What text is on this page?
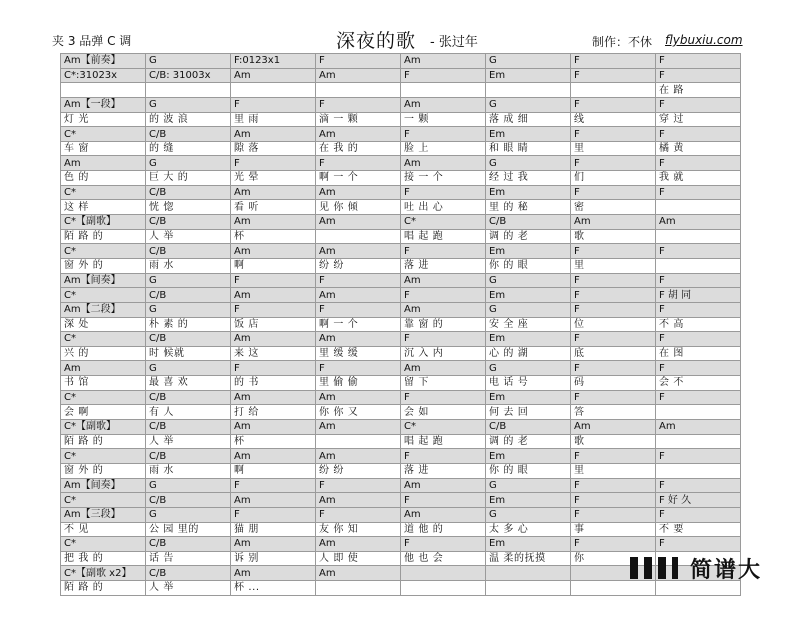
夹 3 品弹 C 调	深夜的歌 - 张过年	制作：不休 flybuxiu.com
Am【前奏】	G	F:0123x1	F	Am	G	F	F
C*:31023x	C/B: 31003x	Am	Am	F	Em	F	F
							在 路
Am【一段】	G	F	F	Am	G	F	F
灯 光	的 波 浪	里 雨	滴 一 颗	一 颗	落 成 细	线	穿 过
C*	C/B	Am	Am	F	Em	F	F
车 窗	的 缝	隙 落	在 我 的	脸 上	和 眼 睛	里	橘 黄
Am	G	F	F	Am	G	F	F
色 的	巨 大 的	光 晕	啊 一 个	接 一 个	经 过 我	们	我 就
C*	C/B	Am	Am	F	Em	F	F
这 样	恍 惚	看 听	见 你 倾	吐 出 心	里 的 秘	密	
C*【副歌】	C/B	Am	Am	C*	C/B	Am	Am
陌 路 的	人 举	杯		唱 起 跑	调 的 老	歌	
C*	C/B	Am	Am	F	Em	F	F
窗 外 的	雨 水	啊	纷 纷	落 进	你 的 眼	里	
Am【间奏】	G	F	F	Am	G	F	F
C*	C/B	Am	Am	F	Em	F	F 胡 同
Am【二段】	G	F	F	Am	G	F	F
深 处	朴 素 的	饭 店	啊 一 个	靠 窗 的	安 全 座	位	不 高
C*	C/B	Am	Am	F	Em	F	F
兴 的	时 候就	来 这	里 缓 缓	沉 入 内	心 的 湖	底	在 图
Am	G	F	F	Am	G	F	F
书 馆	最 喜 欢	的 书	里 偷 偷	留 下	电 话 号	码	会 不
C*	C/B	Am	Am	F	Em	F	F
会 啊	有 人	打 给	你 你 又	会 如	何 去 回	答	
C*【副歌】	C/B	Am	Am	C*	C/B	Am	Am
陌 路 的	人 举	杯		唱 起 跑	调 的 老	歌	
C*	C/B	Am	Am	F	Em	F	F
窗 外 的	雨 水	啊	纷 纷	落 进	你 的 眼	里	
Am【间奏】	G	F	F	Am	G	F	F
C*	C/B	Am	Am	F	Em	F	F 好 久
Am【三段】	G	F	F	Am	G	F	F
不 见	公 园 里的	猫 朋	友 你 知	道 他 的	太 多 心	事	不 要
C*	C/B	Am	Am	F	Em	F	F
把 我 的	话 告	诉 别	人 即 使	他 也 会	温 柔的抚摸	你	
C*【副歌 x2】	C/B	Am	Am				
陌 路 的	人 举	杯 ...					
简谱大
